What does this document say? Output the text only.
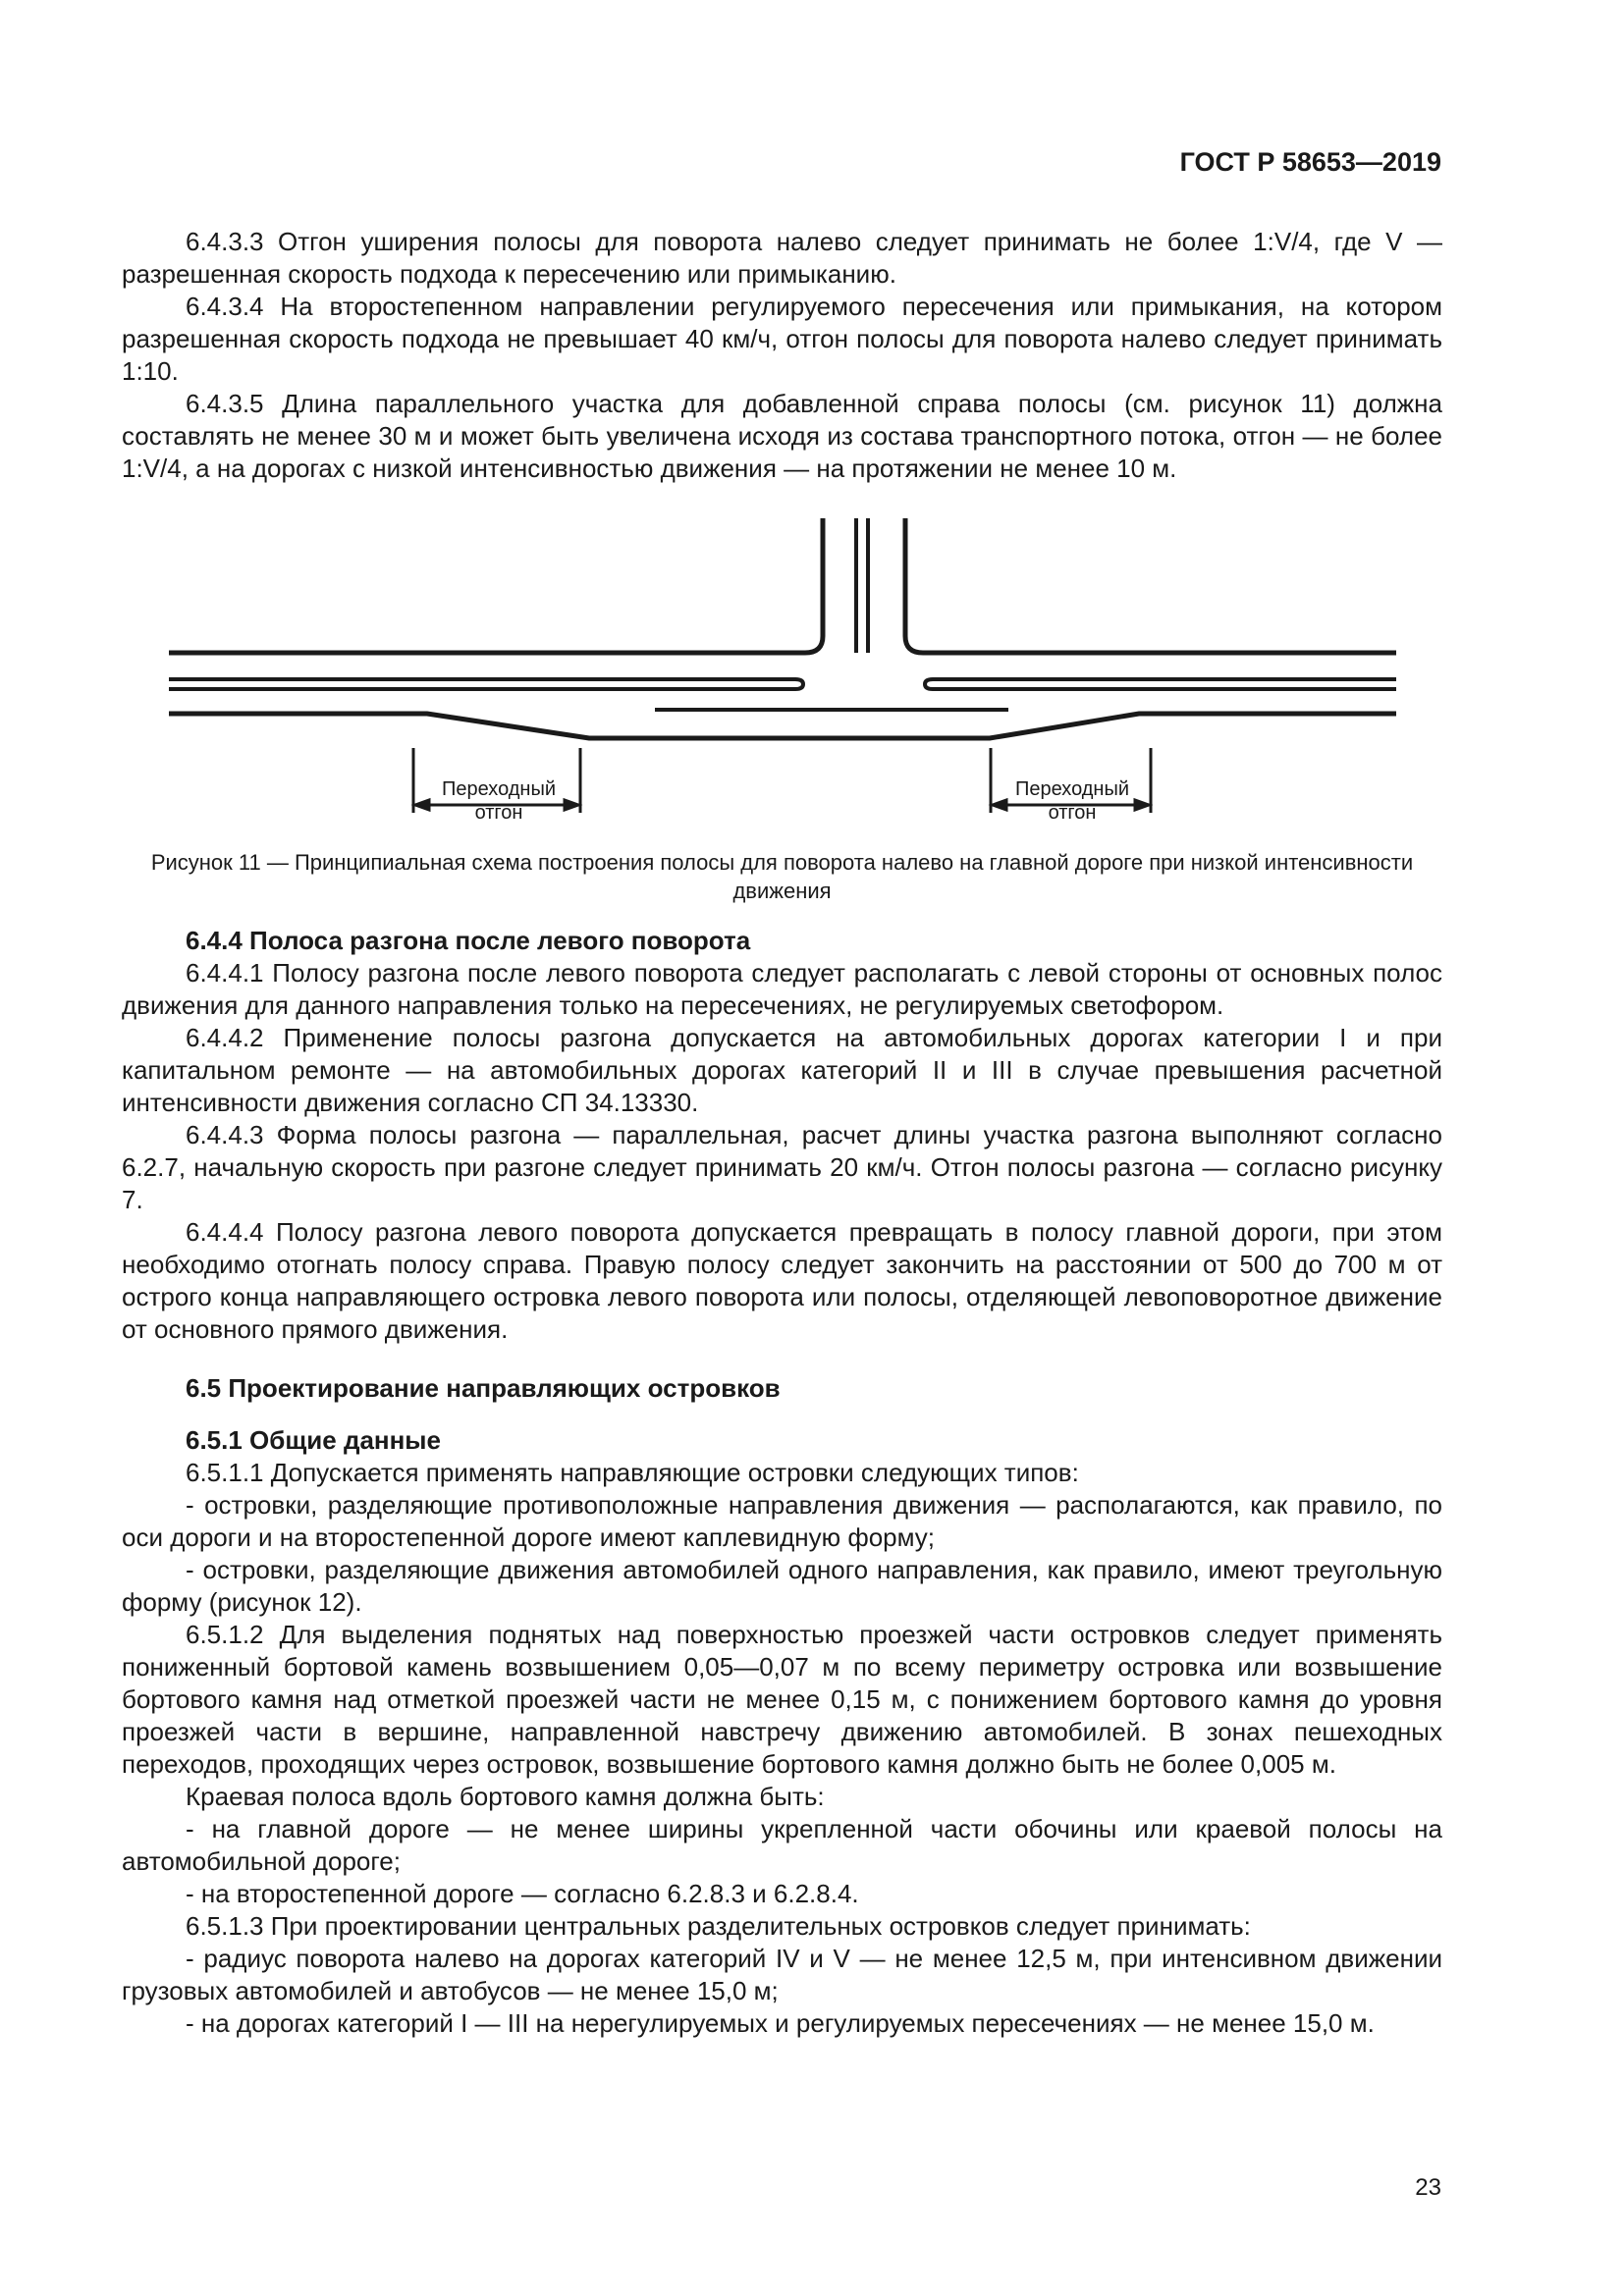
ГОСТ Р 58653—2019

6.4.3.3 Отгон уширения полосы для поворота налево следует принимать не более 1:V/4, где V — разрешенная скорость подхода к пересечению или примыканию.

6.4.3.4 На второстепенном направлении регулируемого пересечения или примыкания, на котором разрешенная скорость подхода не превышает 40 км/ч, отгон полосы для поворота налево следует принимать 1:10.

6.4.3.5 Длина параллельного участка для добавленной справа полосы (см. рисунок 11) должна составлять не менее 30 м и может быть увеличена исходя из состава транспортного потока, отгон — не более 1:V/4, а на дорогах с низкой интенсивностью движения — на протяжении не менее 10 м.

Переходный
отгон
Переходный
отгон
Рисунок 11 — Принципиальная схема построения полосы для поворота налево на главной дороге при низкой интенсивности движения

6.4.4 Полоса разгона после левого поворота

6.4.4.1 Полосу разгона после левого поворота следует располагать с левой стороны от основных полос движения для данного направления только на пересечениях, не регулируемых светофором.

6.4.4.2 Применение полосы разгона допускается на автомобильных дорогах категории I и при капитальном ремонте — на автомобильных дорогах категорий II и III в случае превышения расчетной интенсивности движения согласно СП 34.13330.

6.4.4.3 Форма полосы разгона — параллельная, расчет длины участка разгона выполняют согласно 6.2.7, начальную скорость при разгоне следует принимать 20 км/ч. Отгон полосы разгона — согласно рисунку 7.

6.4.4.4 Полосу разгона левого поворота допускается превращать в полосу главной дороги, при этом необходимо отогнать полосу справа. Правую полосу следует закончить на расстоянии от 500 до 700 м от острого конца направляющего островка левого поворота или полосы, отделяющей левоповоротное движение от основного прямого движения.

6.5 Проектирование направляющих островков

6.5.1 Общие данные

6.5.1.1 Допускается применять направляющие островки следующих типов:

- островки, разделяющие противоположные направления движения — располагаются, как правило, по оси дороги и на второстепенной дороге имеют каплевидную форму;

- островки, разделяющие движения автомобилей одного направления, как правило, имеют треугольную форму (рисунок 12).

6.5.1.2 Для выделения поднятых над поверхностью проезжей части островков следует применять пониженный бортовой камень возвышением 0,05—0,07 м по всему периметру островка или возвышение бортового камня над отметкой проезжей части не менее 0,15 м, с понижением бортового камня до уровня проезжей части в вершине, направленной навстречу движению автомобилей. В зонах пешеходных переходов, проходящих через островок, возвышение бортового камня должно быть не более 0,005 м.

Краевая полоса вдоль бортового камня должна быть:

- на главной дороге — не менее ширины укрепленной части обочины или краевой полосы на автомобильной дороге;

- на второстепенной дороге — согласно 6.2.8.3 и 6.2.8.4.

6.5.1.3 При проектировании центральных разделительных островков следует принимать:

- радиус поворота налево на дорогах категорий IV и V — не менее 12,5 м, при интенсивном движении грузовых автомобилей и автобусов — не менее 15,0 м;

- на дорогах категорий I — III на нерегулируемых и регулируемых пересечениях — не менее 15,0 м.

23
